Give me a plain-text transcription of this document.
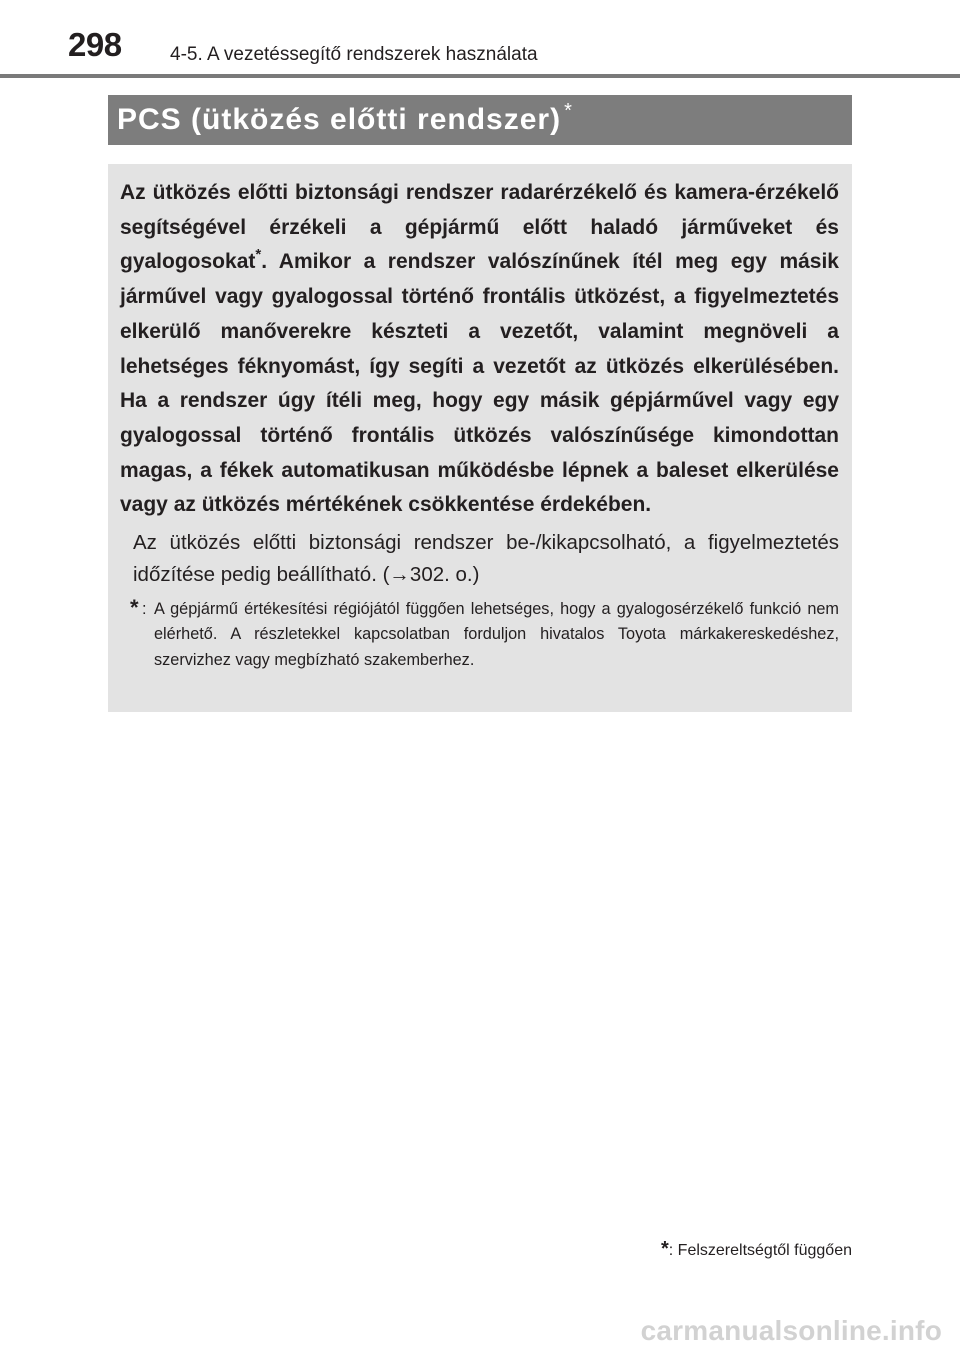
298	4-5. A vezetéssegítő rendszerek használata
PCS (ütközés előtti rendszer) *
Az ütközés előtti biztonsági rendszer radarérzékelő és kamera-érzékelő segítségével érzékeli a gépjármű előtt haladó járműveket és gyalogosokat*. Amikor a rendszer valószínűnek ítél meg egy másik járművel vagy gyalogossal történő frontális ütközést, a figyelmeztetés elkerülő manőverekre készteti a vezetőt, valamint megnöveli a lehetséges féknyomást, így segíti a vezetőt az ütközés elkerülésében. Ha a rendszer úgy ítéli meg, hogy egy másik gépjárművel vagy egy gyalogossal történő frontális ütközés valószínűsége kimondottan magas, a fékek automatikusan működésbe lépnek a baleset elkerülése vagy az ütközés mértékének csökkentése érdekében.
Az ütközés előtti biztonsági rendszer be-/kikapcsolható, a figyelmeztetés időzítése pedig beállítható. (→302. o.)
* : A gépjármű értékesítési régiójától függően lehetséges, hogy a gyalogosérzékelő funkció nem elérhető. A részletekkel kapcsolatban forduljon hivatalos Toyota márkakereskedéshez, szervizhez vagy megbízható szakemberhez.
*: Felszereltségtől függően
carmanualsonline.info
